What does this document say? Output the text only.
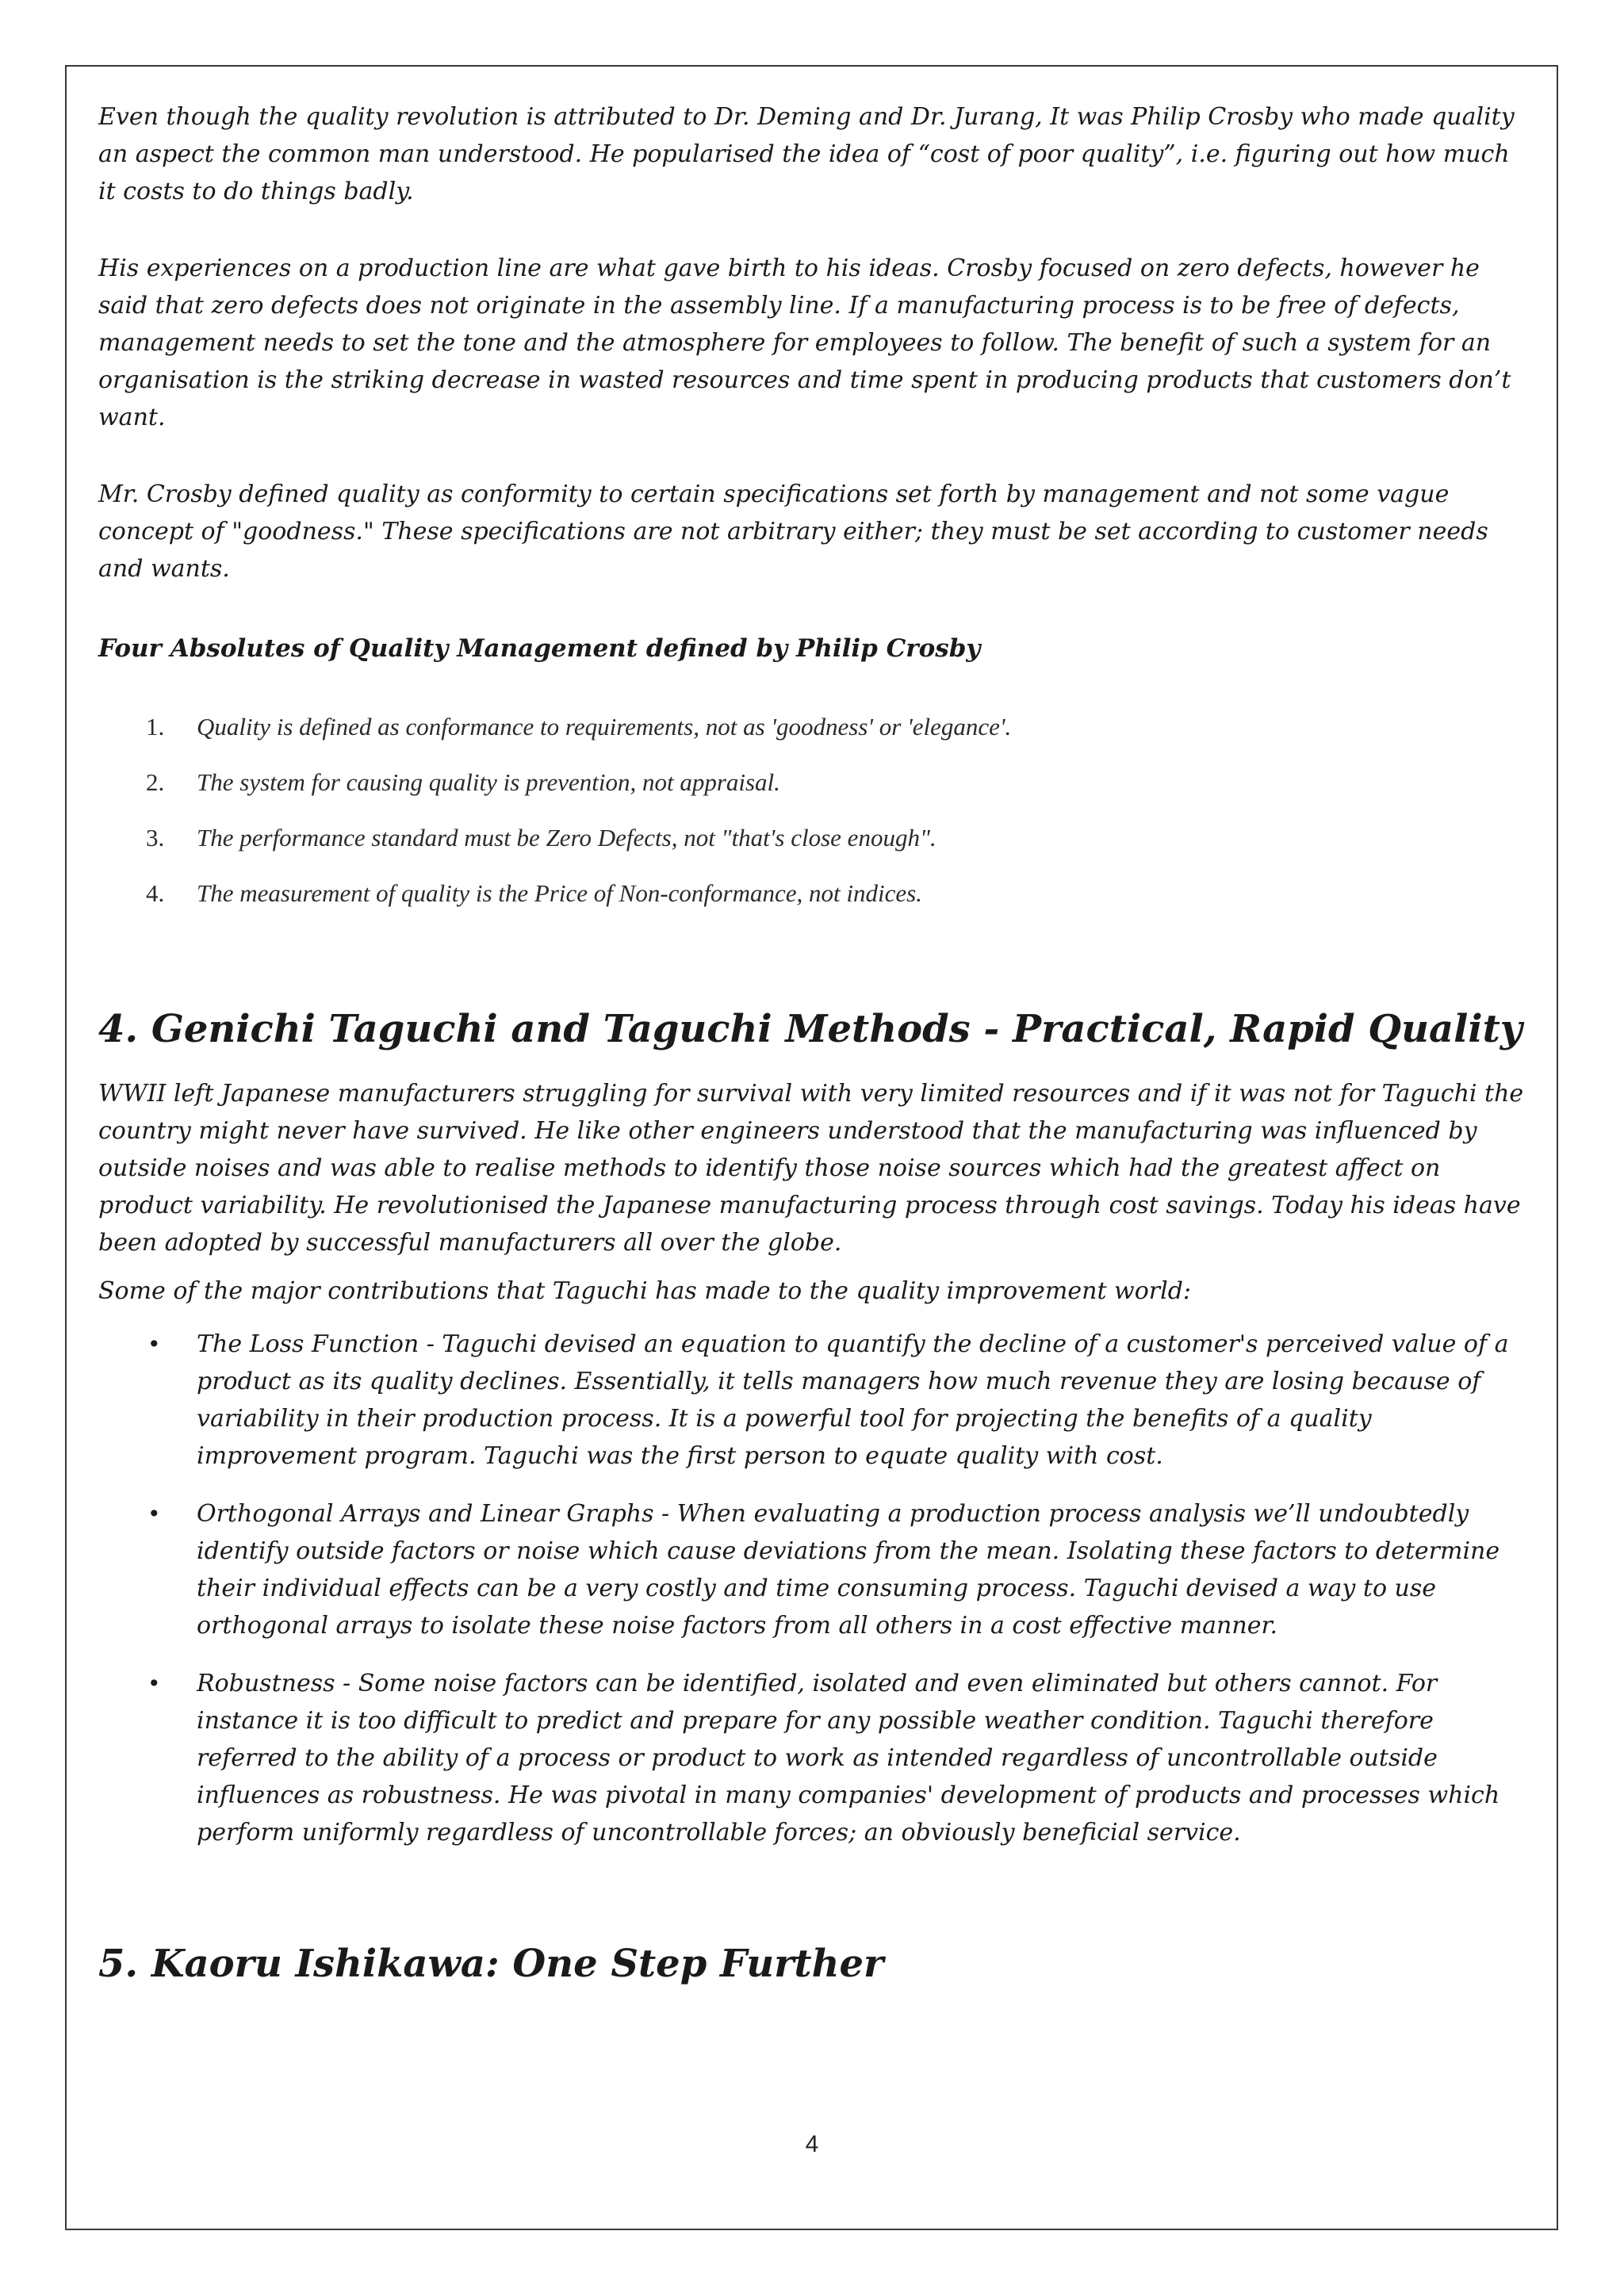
Even though the quality revolution is attributed to Dr. Deming and Dr. Jurang, It was Philip Crosby who made quality an aspect the common man understood. He popularised the idea of “cost of poor quality”, i.e. figuring out how much it costs to do things badly.

His experiences on a production line are what gave birth to his ideas. Crosby focused on zero defects, however he said that zero defects does not originate in the assembly line. If a manufacturing process is to be free of defects, management needs to set the tone and the atmosphere for employees to follow. The benefit of such a system for an organisation is the striking decrease in wasted resources and time spent in producing products that customers don’t want.

Mr. Crosby defined quality as conformity to certain specifications set forth by management and not some vague concept of "goodness." These specifications are not arbitrary either; they must be set according to customer needs and wants.

Four Absolutes of Quality Management defined by Philip Crosby

1. Quality is defined as conformance to requirements, not as 'goodness' or 'elegance'.
2. The system for causing quality is prevention, not appraisal.
3. The performance standard must be Zero Defects, not "that's close enough".
4. The measurement of quality is the Price of Non-conformance, not indices.
4. Genichi Taguchi and Taguchi Methods - Practical, Rapid Quality

WWII left Japanese manufacturers struggling for survival with very limited resources and if it was not for Taguchi the country might never have survived. He like other engineers understood that the manufacturing was influenced by outside noises and was able to realise methods to identify those noise sources which had the greatest affect on product variability. He revolutionised the Japanese manufacturing process through cost savings. Today his ideas have been adopted by successful manufacturers all over the globe.

Some of the major contributions that Taguchi has made to the quality improvement world:

• The Loss Function - Taguchi devised an equation to quantify the decline of a customer's perceived value of a product as its quality declines. Essentially, it tells managers how much revenue they are losing because of variability in their production process. It is a powerful tool for projecting the benefits of a quality improvement program. Taguchi was the first person to equate quality with cost.
• Orthogonal Arrays and Linear Graphs - When evaluating a production process analysis we’ll undoubtedly identify outside factors or noise which cause deviations from the mean. Isolating these factors to determine their individual effects can be a very costly and time consuming process. Taguchi devised a way to use orthogonal arrays to isolate these noise factors from all others in a cost effective manner.
• Robustness - Some noise factors can be identified, isolated and even eliminated but others cannot. For instance it is too difficult to predict and prepare for any possible weather condition. Taguchi therefore referred to the ability of a process or product to work as intended regardless of uncontrollable outside influences as robustness. He was pivotal in many companies' development of products and processes which perform uniformly regardless of uncontrollable forces; an obviously beneficial service.
5. Kaoru Ishikawa: One Step Further
4
